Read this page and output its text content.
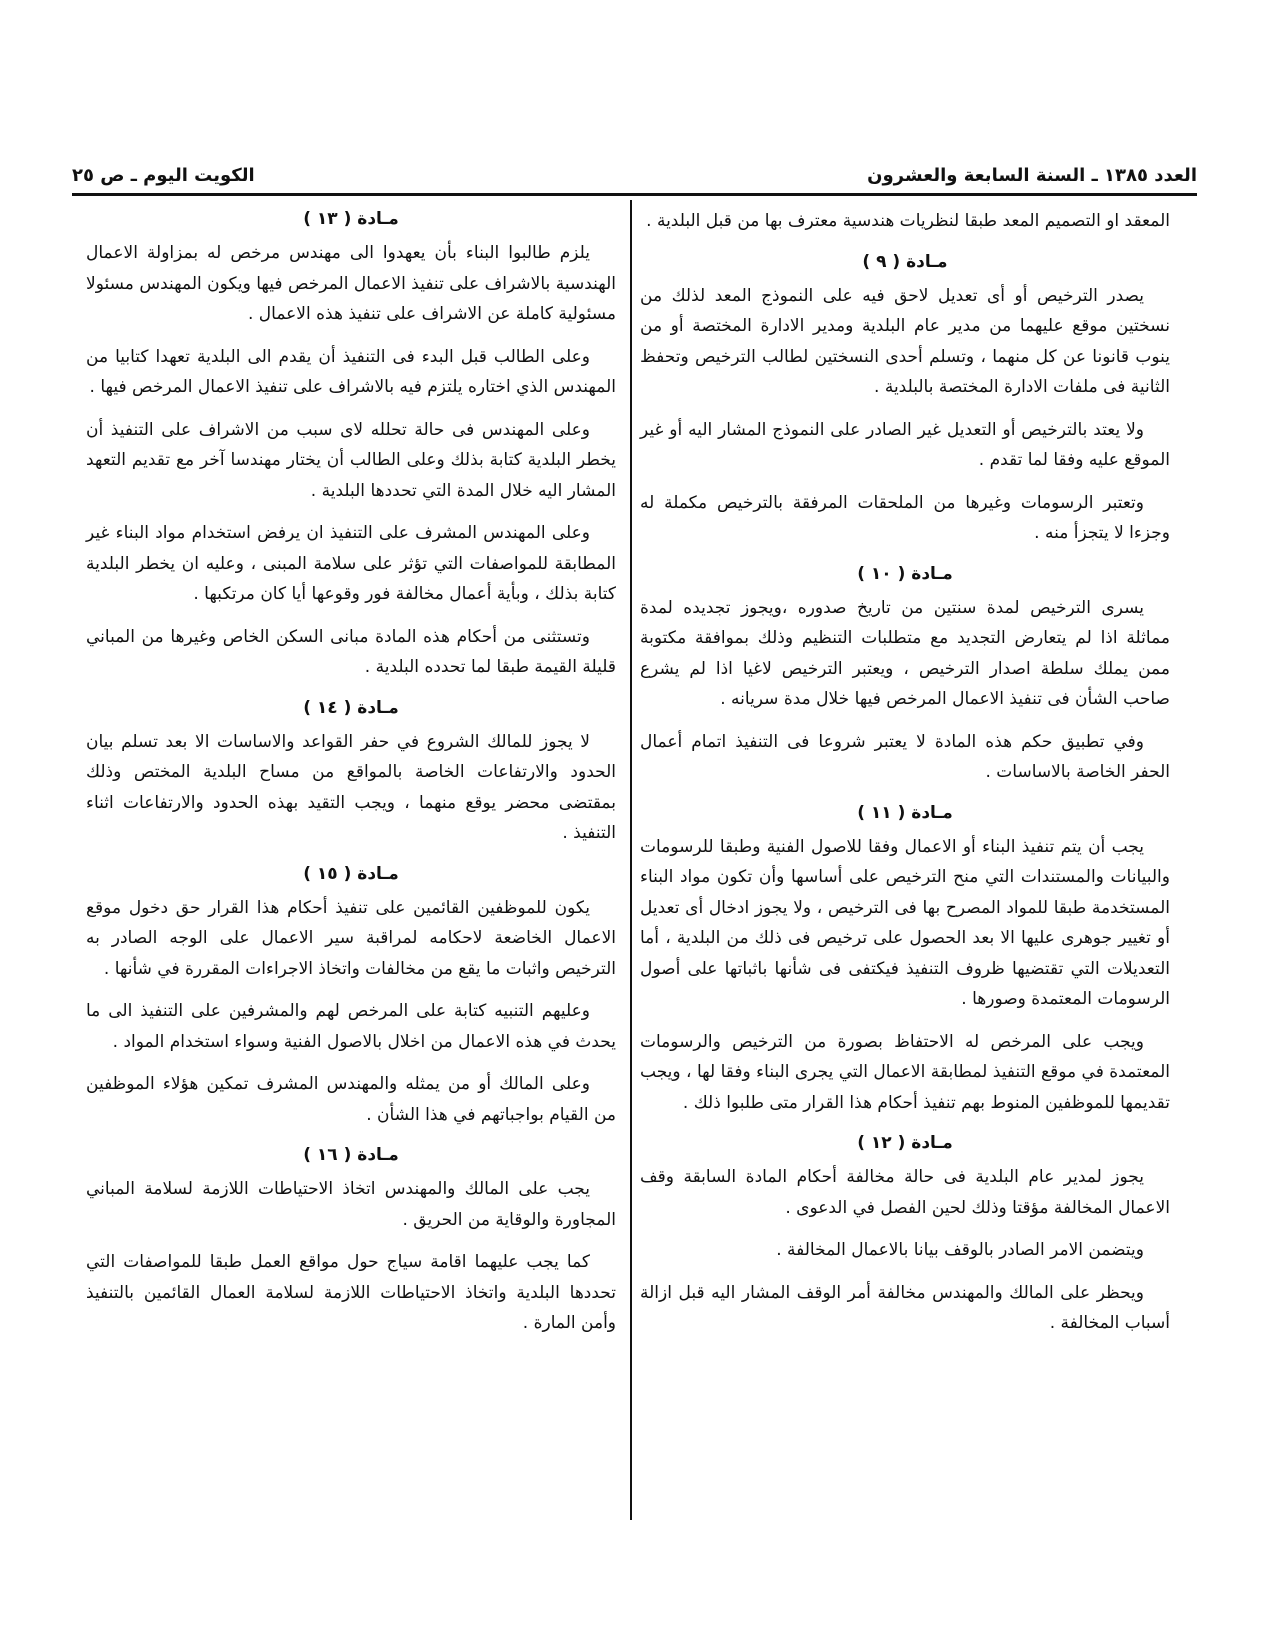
العدد ١٣٨٥ ـ السنة السابعة والعشرون
الكويت اليوم ـ ص ٢٥

المعقد او التصميم المعد طبقا لنظريات هندسية معترف بها من قبل البلدية .

مـادة ( ٩ )

يصدر الترخيص أو أى تعديل لاحق فيه على النموذج المعد لذلك من نسختين موقع عليهما من مدير عام البلدية ومدير الادارة المختصة أو من ينوب قانونا عن كل منهما ، وتسلم أحدى النسختين لطالب الترخيص وتحفظ الثانية فى ملفات الادارة المختصة بالبلدية .

ولا يعتد بالترخيص أو التعديل غير الصادر على النموذج المشار اليه أو غير الموقع عليه وفقا لما تقدم .

وتعتبر الرسومات وغيرها من الملحقات المرفقة بالترخيص مكملة له وجزءا لا يتجزأ منه .

مـادة ( ١٠ )

يسرى الترخيص لمدة سنتين من تاريخ صدوره ،ويجوز تجديده لمدة مماثلة اذا لم يتعارض التجديد مع متطلبات التنظيم وذلك بموافقة مكتوبة ممن يملك سلطة اصدار الترخيص ، ويعتبر الترخيص لاغيا اذا لم يشرع صاحب الشأن فى تنفيذ الاعمال المرخص فيها خلال مدة سريانه .

وفي تطبيق حكم هذه المادة لا يعتبر شروعا فى التنفيذ اتمام أعمال الحفر الخاصة بالاساسات .

مـادة ( ١١ )

يجب أن يتم تنفيذ البناء أو الاعمال وفقا للاصول الفنية وطبقا للرسومات والبيانات والمستندات التي منح الترخيص على أساسها وأن تكون مواد البناء المستخدمة طبقا للمواد المصرح بها فى الترخيص ، ولا يجوز ادخال أى تعديل أو تغيير جوهرى عليها الا بعد الحصول على ترخيص فى ذلك من البلدية ، أما التعديلات التي تقتضيها ظروف التنفيذ فيكتفى فى شأنها باثباتها على أصول الرسومات المعتمدة وصورها .

ويجب على المرخص له الاحتفاظ بصورة من الترخيص والرسومات المعتمدة في موقع التنفيذ لمطابقة الاعمال التي يجرى البناء وفقا لها ، ويجب تقديمها للموظفين المنوط بهم تنفيذ أحكام هذا القرار متى طلبوا ذلك .

مـادة ( ١٢ )

يجوز لمدير عام البلدية فى حالة مخالفة أحكام المادة السابقة وقف الاعمال المخالفة مؤقتا وذلك لحين الفصل في الدعوى .

ويتضمن الامر الصادر بالوقف بيانا بالاعمال المخالفة .

ويحظر على المالك والمهندس مخالفة أمر الوقف المشار اليه قبل ازالة أسباب المخالفة .

مـادة ( ١٣ )

يلزم طالبوا البناء بأن يعهدوا الى مهندس مرخص له بمزاولة الاعمال الهندسية بالاشراف على تنفيذ الاعمال المرخص فيها ويكون المهندس مسئولا مسئولية كاملة عن الاشراف على تنفيذ هذه الاعمال .

وعلى الطالب قبل البدء فى التنفيذ أن يقدم الى البلدية تعهدا كتابيا من المهندس الذي اختاره يلتزم فيه بالاشراف على تنفيذ الاعمال المرخص فيها .

وعلى المهندس فى حالة تحلله لاى سبب من الاشراف على التنفيذ أن يخطر البلدية كتابة بذلك وعلى الطالب أن يختار مهندسا آخر مع تقديم التعهد المشار اليه خلال المدة التي تحددها البلدية .

وعلى المهندس المشرف على التنفيذ ان يرفض استخدام مواد البناء غير المطابقة للمواصفات التي تؤثر على سلامة المبنى ، وعليه ان يخطر البلدية كتابة بذلك ، وبأية أعمال مخالفة فور وقوعها أيا كان مرتكبها .

وتستثنى من أحكام هذه المادة مبانى السكن الخاص وغيرها من المباني قليلة القيمة طبقا لما تحدده البلدية .

مـادة ( ١٤ )

لا يجوز للمالك الشروع في حفر القواعد والاساسات الا بعد تسلم بيان الحدود والارتفاعات الخاصة بالمواقع من مساح البلدية المختص وذلك بمقتضى محضر يوقع منهما ، ويجب التقيد بهذه الحدود والارتفاعات اثناء التنفيذ .

مـادة ( ١٥ )

يكون للموظفين القائمين على تنفيذ أحكام هذا القرار حق دخول موقع الاعمال الخاضعة لاحكامه لمراقبة سير الاعمال على الوجه الصادر به الترخيص واثبات ما يقع من مخالفات واتخاذ الاجراءات المقررة في شأنها .

وعليهم التنبيه كتابة على المرخص لهم والمشرفين على التنفيذ الى ما يحدث في هذه الاعمال من اخلال بالاصول الفنية وسواء استخدام المواد .

وعلى المالك أو من يمثله والمهندس المشرف تمكين هؤلاء الموظفين من القيام بواجباتهم في هذا الشأن .

مـادة ( ١٦ )

يجب على المالك والمهندس اتخاذ الاحتياطات اللازمة لسلامة المباني المجاورة والوقاية من الحريق .

كما يجب عليهما اقامة سياج حول مواقع العمل طبقا للمواصفات التي تحددها البلدية واتخاذ الاحتياطات اللازمة لسلامة العمال القائمين بالتنفيذ وأمن المارة .
